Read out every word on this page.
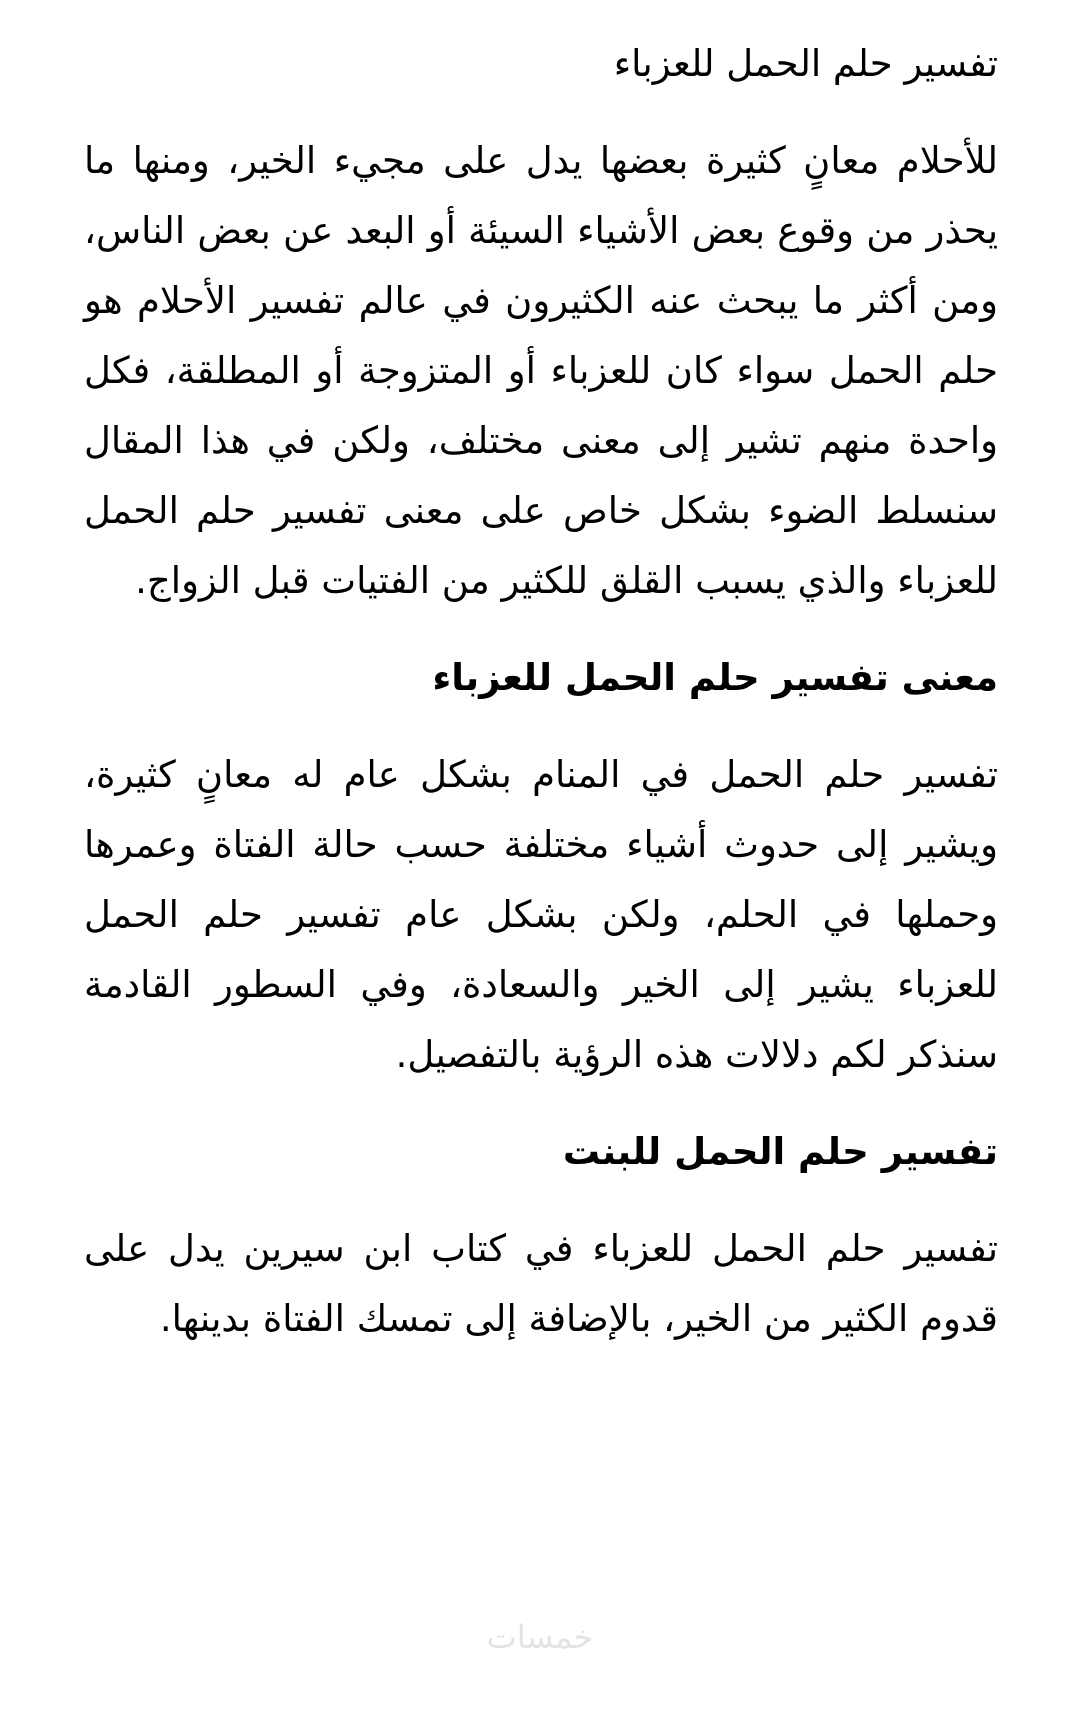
تفسير حلم الحمل للعزباء

للأحلام معانٍ كثيرة بعضها يدل على مجيء الخير، ومنها ما يحذر من وقوع بعض الأشياء السيئة أو البعد عن بعض الناس، ومن أكثر ما يبحث عنه الكثيرون في عالم تفسير الأحلام هو حلم الحمل سواء كان للعزباء أو المتزوجة أو المطلقة، فكل واحدة منهم تشير إلى معنى مختلف، ولكن في هذا المقال سنسلط الضوء بشكل خاص على معنى تفسير حلم الحمل للعزباء والذي يسبب القلق للكثير من الفتيات قبل الزواج.

معنى تفسير حلم الحمل للعزباء

تفسير حلم الحمل في المنام بشكل عام له معانٍ كثيرة، ويشير إلى حدوث أشياء مختلفة حسب حالة الفتاة وعمرها وحملها في الحلم، ولكن بشكل عام تفسير حلم الحمل للعزباء يشير إلى الخير والسعادة، وفي السطور القادمة سنذكر لكم دلالات هذه الرؤية بالتفصيل.

تفسير حلم الحمل للبنت

تفسير حلم الحمل للعزباء في كتاب ابن سيرين يدل على قدوم الكثير من الخير، بالإضافة إلى تمسك الفتاة بدينها.

خمسات
